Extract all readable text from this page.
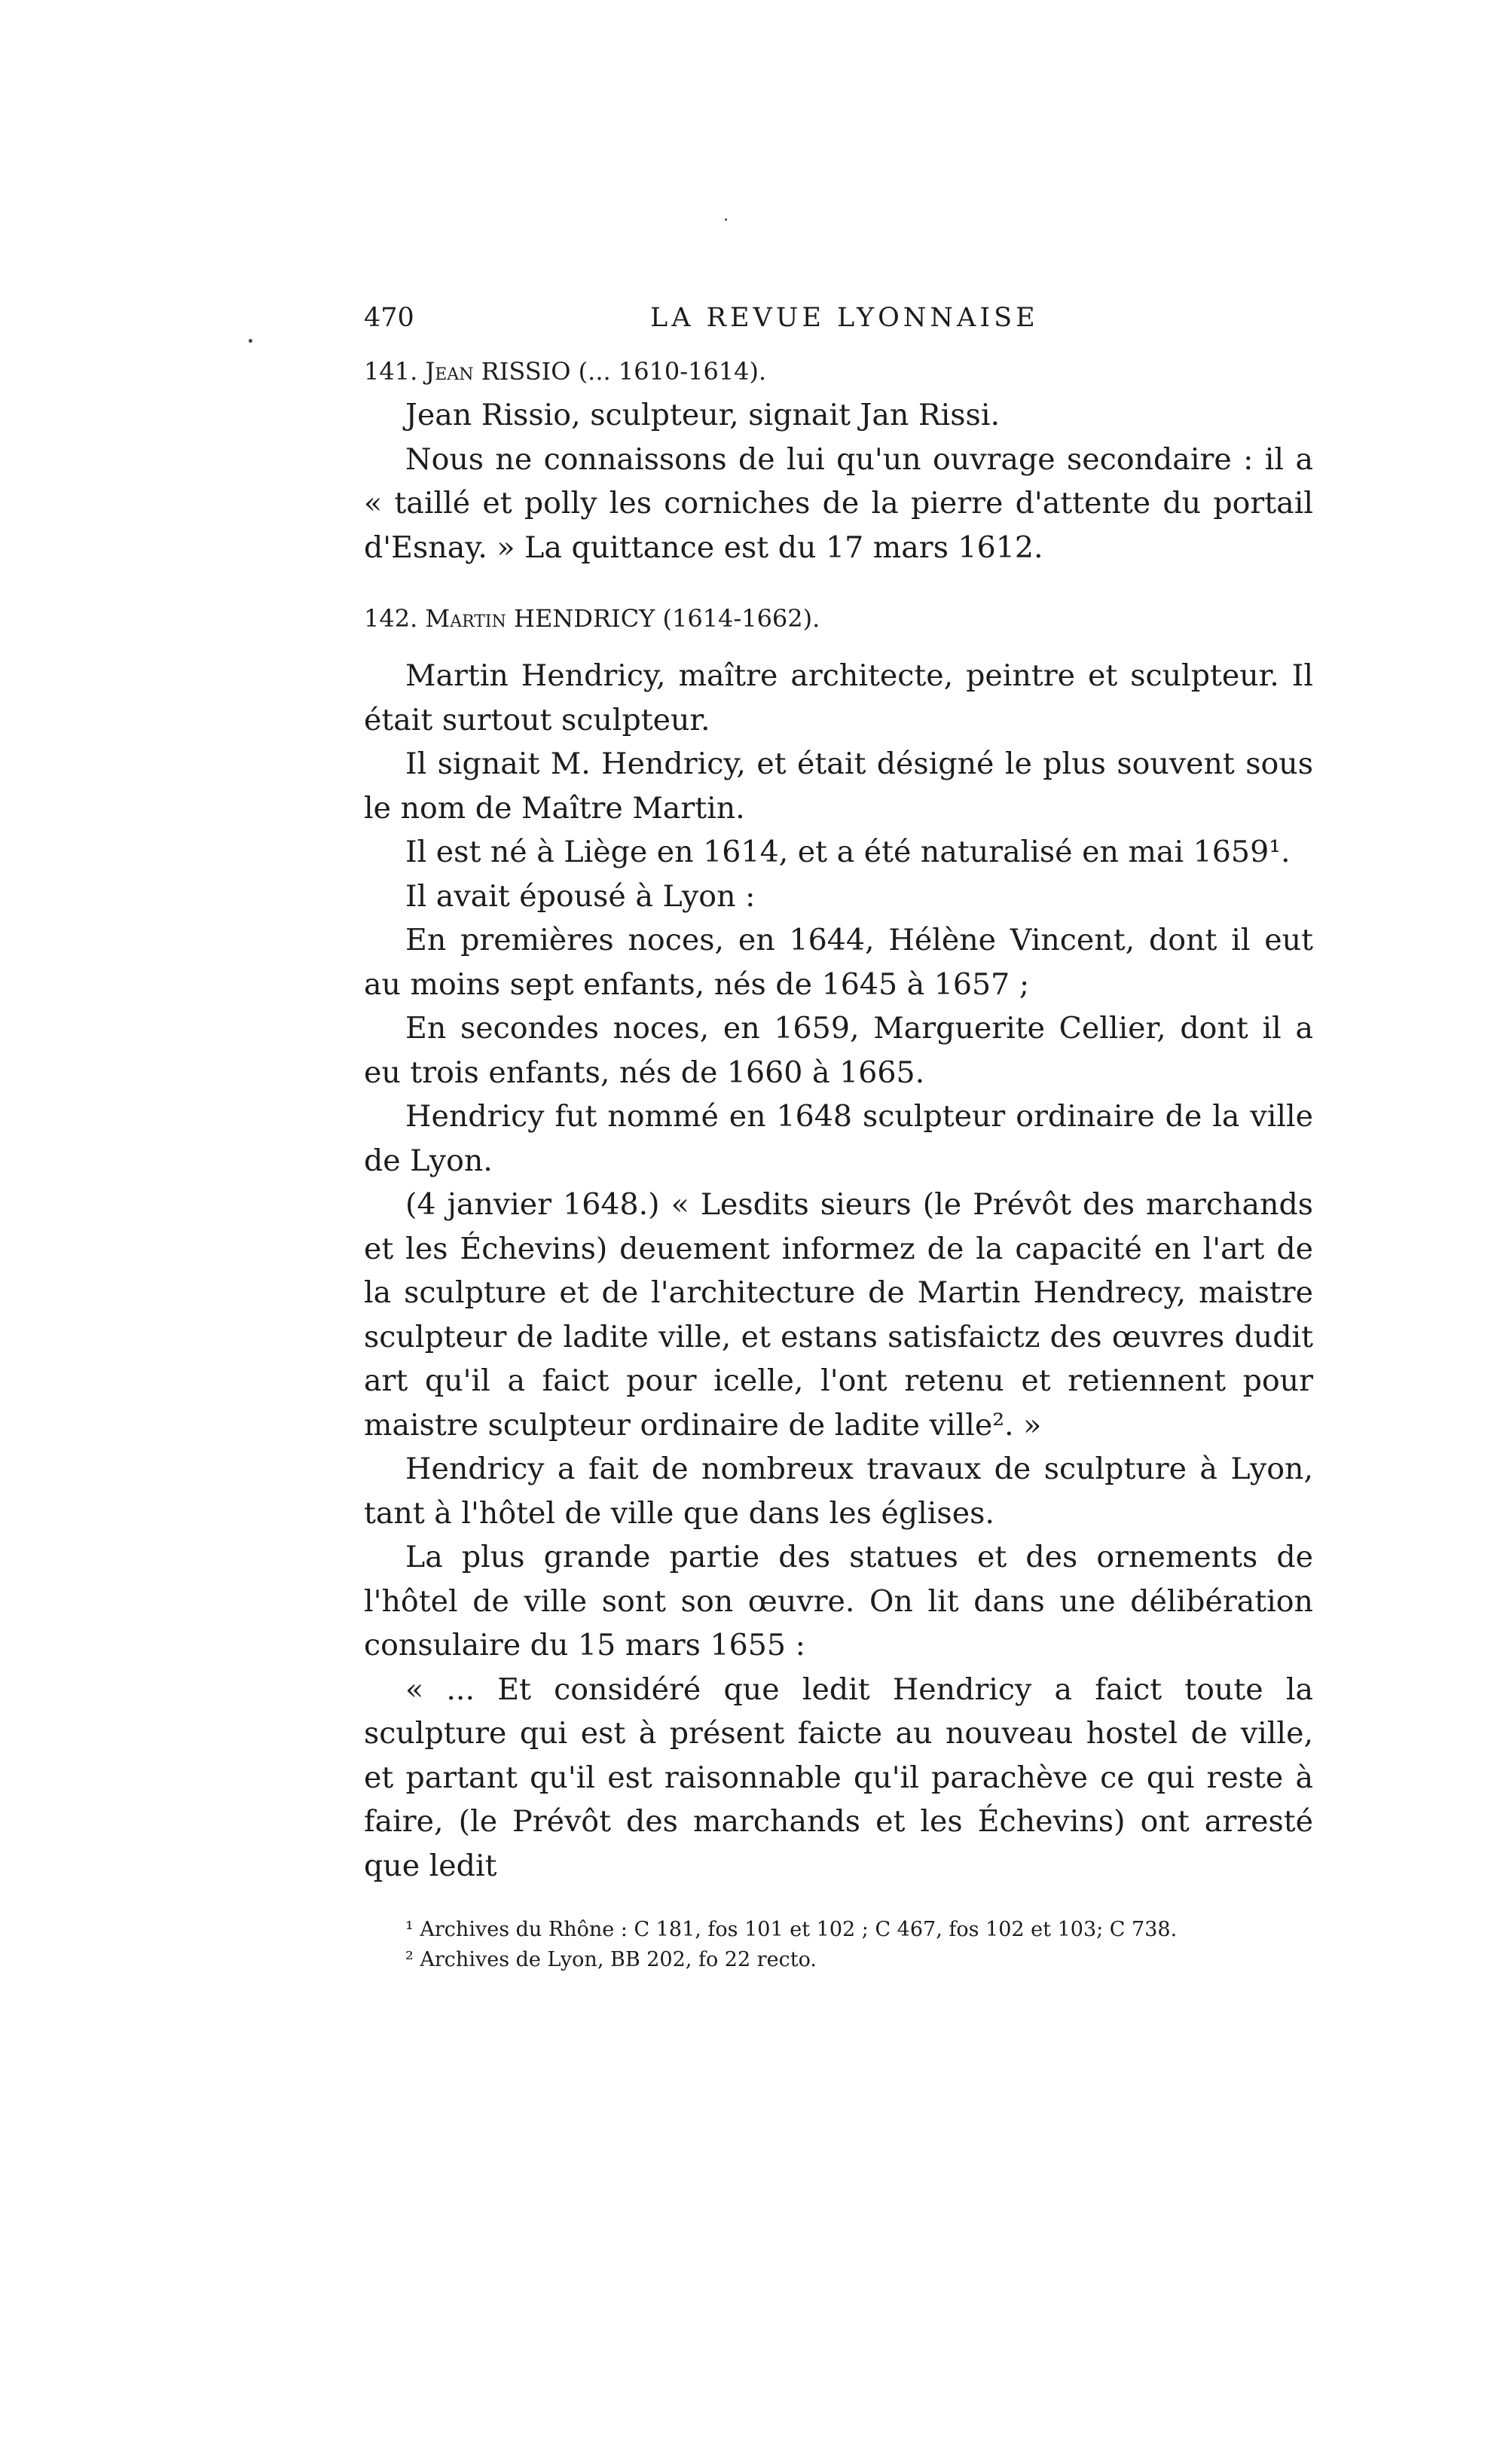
470	LA REVUE LYONNAISE
141. Jean RISSIO (... 1610-1614).

Jean Rissio, sculpteur, signait Jan Rissi.

Nous ne connaissons de lui qu'un ouvrage secondaire : il a « taillé et polly les corniches de la pierre d'attente du portail d'Esnay. » La quittance est du 17 mars 1612.

142. Martin HENDRICY (1614-1662).

Martin Hendricy, maître architecte, peintre et sculpteur. Il était surtout sculpteur.

Il signait M. Hendricy, et était désigné le plus souvent sous le nom de Maître Martin.

Il est né à Liège en 1614, et a été naturalisé en mai 1659¹.

Il avait épousé à Lyon :

En premières noces, en 1644, Hélène Vincent, dont il eut au moins sept enfants, nés de 1645 à 1657 ;

En secondes noces, en 1659, Marguerite Cellier, dont il a eu trois enfants, nés de 1660 à 1665.

Hendricy fut nommé en 1648 sculpteur ordinaire de la ville de Lyon.

(4 janvier 1648.) « Lesdits sieurs (le Prévôt des marchands et les Échevins) deuement informez de la capacité en l'art de la sculpture et de l'architecture de Martin Hendrecy, maistre sculpteur de ladite ville, et estans satisfaictz des œuvres dudit art qu'il a faict pour icelle, l'ont retenu et retiennent pour maistre sculpteur ordinaire de ladite ville². »

Hendricy a fait de nombreux travaux de sculpture à Lyon, tant à l'hôtel de ville que dans les églises.

La plus grande partie des statues et des ornements de l'hôtel de ville sont son œuvre. On lit dans une délibération consulaire du 15 mars 1655 :

« ... Et considéré que ledit Hendricy a faict toute la sculpture qui est à présent faicte au nouveau hostel de ville, et partant qu'il est raisonnable qu'il parachève ce qui reste à faire, (le Prévôt des marchands et les Échevins) ont arresté que ledit

¹ Archives du Rhône : C 181, fos 101 et 102 ; C 467, fos 102 et 103; C 738.
² Archives de Lyon, BB 202, fo 22 recto.
